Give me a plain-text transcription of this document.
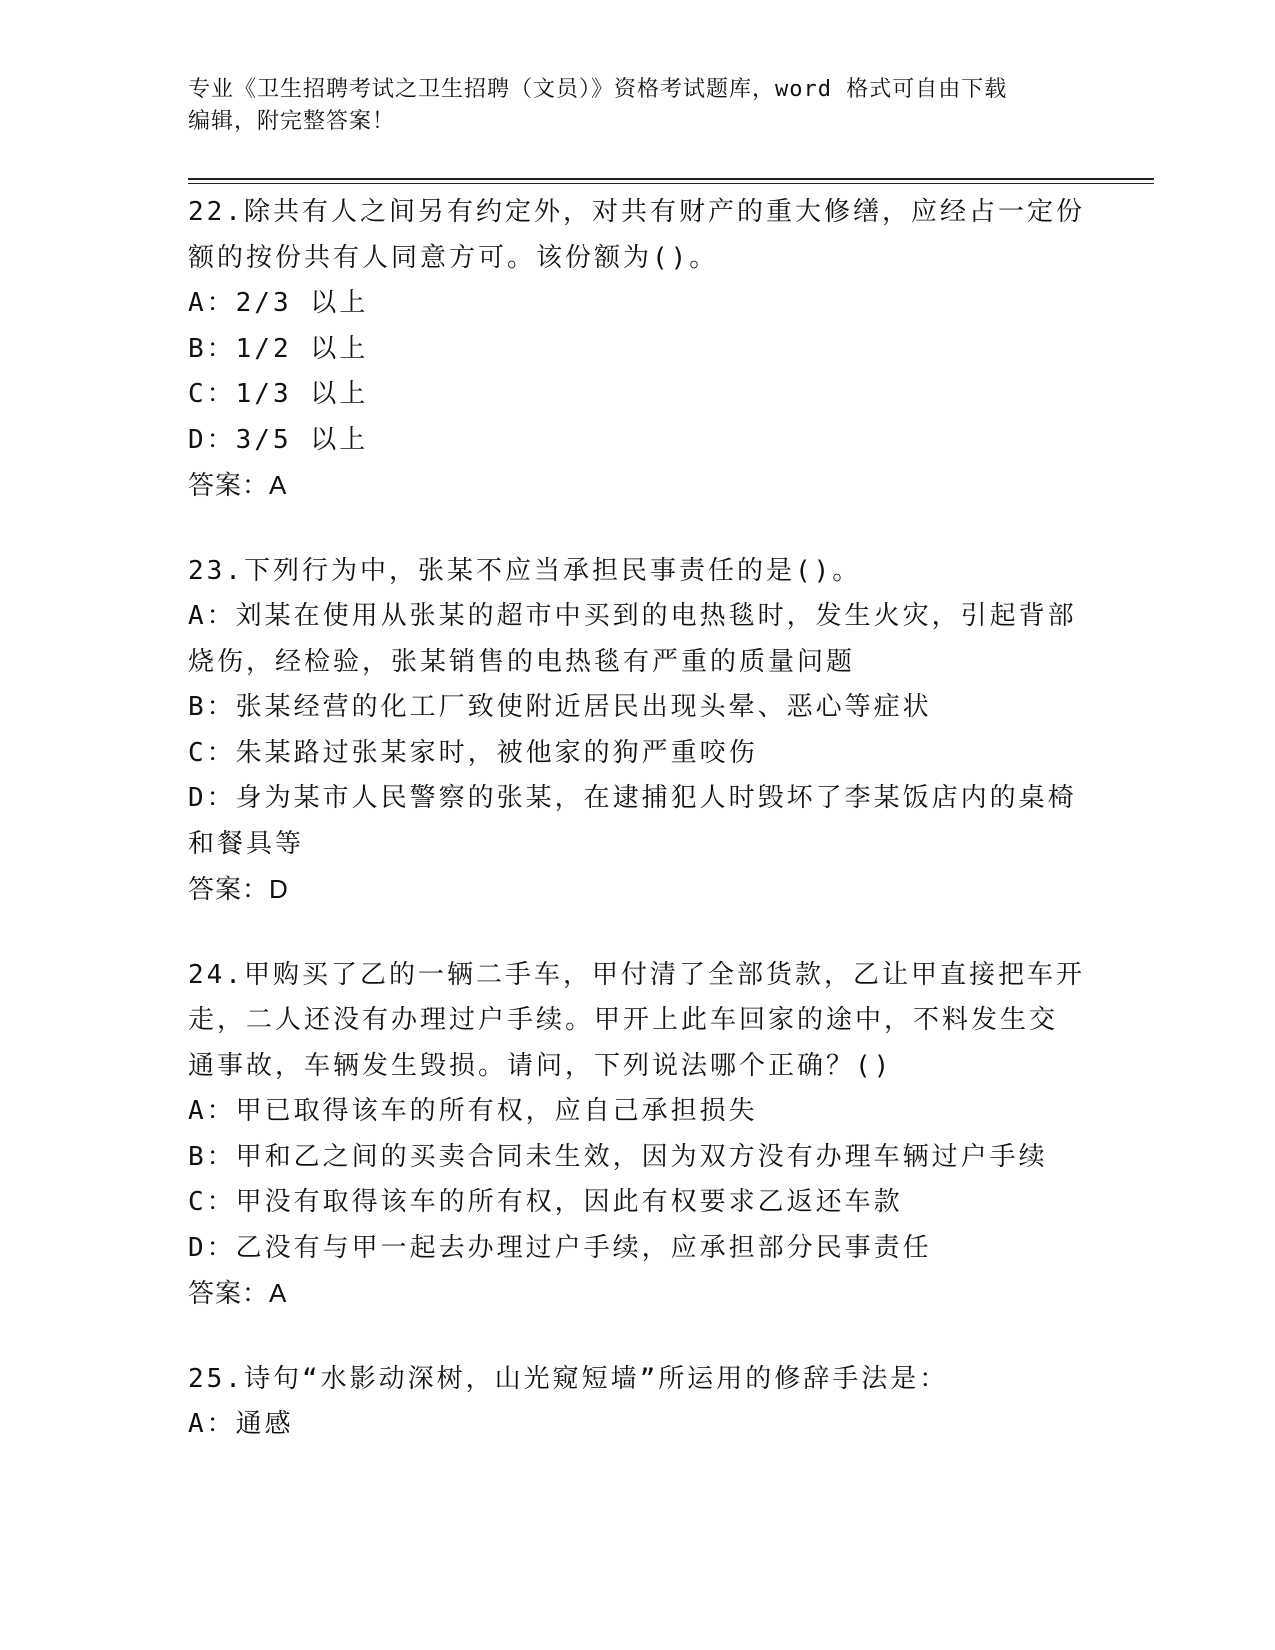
专业《卫生招聘考试之卫生招聘（文员）》资格考试题库，word 格式可自由下载
编辑，附完整答案！
22.除共有人之间另有约定外，对共有财产的重大修缮，应经占一定份
额的按份共有人同意方可。该份额为()。
A：2/3 以上
B：1/2 以上
C：1/3 以上
D：3/5 以上
答案：A
23.下列行为中，张某不应当承担民事责任的是()。
A：刘某在使用从张某的超市中买到的电热毯时，发生火灾，引起背部
烧伤，经检验，张某销售的电热毯有严重的质量问题
B：张某经营的化工厂致使附近居民出现头晕、恶心等症状
C：朱某路过张某家时，被他家的狗严重咬伤
D：身为某市人民警察的张某，在逮捕犯人时毁坏了李某饭店内的桌椅
和餐具等
答案：D
24.甲购买了乙的一辆二手车，甲付清了全部货款，乙让甲直接把车开
走，二人还没有办理过户手续。甲开上此车回家的途中，不料发生交
通事故，车辆发生毁损。请问，下列说法哪个正确？()
A：甲已取得该车的所有权，应自己承担损失
B：甲和乙之间的买卖合同未生效，因为双方没有办理车辆过户手续
C：甲没有取得该车的所有权，因此有权要求乙返还车款
D：乙没有与甲一起去办理过户手续，应承担部分民事责任
答案：A
25.诗句“水影动深树，山光窥短墙”所运用的修辞手法是：
A：通感
